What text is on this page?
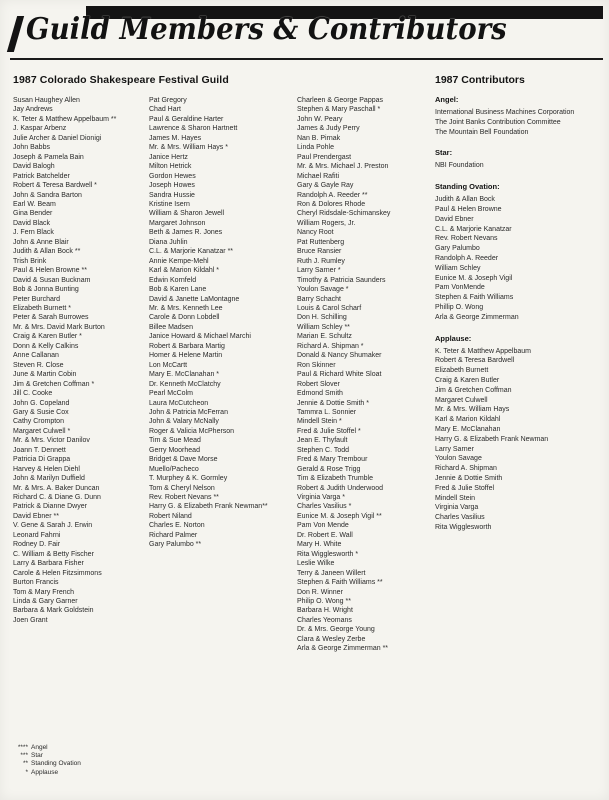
Guild Members & Contributors
1987 Colorado Shakespeare Festival Guild
Susan Haughey Allen
Jay Andrews
K. Teter & Matthew Appelbaum **
J. Kaspar Arbenz
Julie Archer & Daniel Dionigi
John Babbs
Joseph & Pamela Bain
David Balogh
Patrick Batchelder
Robert & Teresa Bardwell *
John & Sandra Barton
Earl W. Beam
Gina Bender
David Black
J. Fern Black
John & Anne Blair
Judith & Allan Bock **
Trish Brink
Paul & Helen Browne **
David & Susan Bucknam
Bob & Jonna Bunting
Peter Burchard
Elizabeth Burnett *
Peter & Sarah Burrowes
Mr. & Mrs. David Mark Burton
Craig & Karen Butler *
Donn & Kelly Calkins
Anne Callanan
Steven R. Close
June & Martin Cobin
Jim & Gretchen Coffman *
Jill C. Cooke
John G. Copeland
Gary & Susie Cox
Cathy Crompton
Margaret Culwell *
Mr. & Mrs. Victor Danilov
Joann T. Dennett
Patricia Di Grappa
Harvey & Helen Diehl
John & Marilyn Duffield
Mr. & Mrs. A. Baker Duncan
Richard C. & Diane G. Dunn
Patrick & Dianne Dwyer
David Ebner **
V. Gene & Sarah J. Erwin
Leonard Fahrni
Rodney D. Fair
C. William & Betty Fischer
Larry & Barbara Fisher
Carole & Helen Fitzsimmons
Burton Francis
Tom & Mary French
Linda & Gary Garner
Barbara & Mark Goldstein
Joen Grant
Pat Gregory
Chad Hart
Paul & Geraldine Harter
Lawrence & Sharon Hartnett
James M. Hayes
Mr. & Mrs. William Hays *
Janice Hertz
Milton Hetrick
Gordon Hewes
Joseph Howes
Sandra Hussie
Kristine Isern
William & Sharon Jewell
Margaret Johnson
Beth & James R. Jones
Diana Juhlin
C.L. & Marjorie Kanatzar **
Annie Kempe-Mehl
Karl & Marion Kildahl *
Edwin Kornfeld
Bob & Karen Lane
David & Janette LaMontagne
Mr. & Mrs. Kenneth Lee
Carole & Donn Lobdell
Billee Madsen
Janice Howard & Michael Marchi
Robert & Barbara Martig
Homer & Helene Martin
Lon McCartt
Mary E. McClanahan *
Dr. Kenneth McClatchy
Pearl McColm
Laura McCutcheon
John & Patricia McFerran
John & Valary McNally
Roger & Valicia McPherson
Tim & Sue Mead
Gerry Moorhead
Bridget & Dave Morse
Muello/Pacheco
T. Murphey & K. Gormley
Tom & Cheryl Nelson
Rev. Robert Nevans **
Harry G. & Elizabeth Frank Newman**
Robert Niland
Charles E. Norton
Richard Palmer
Gary Palumbo **
Charleen & George Pappas
Stephen & Mary Paschall *
John W. Peary
James & Judy Perry
Nan B. Pirnak
Linda Pohle
Paul Prendergast
Mr. & Mrs. Michael J. Preston
Michael Rafiti
Gary & Gayle Ray
Randolph A. Reeder **
Ron & Dolores Rhode
Cheryl Ridsdale-Schimanskey
William Rogers, Jr.
Nancy Root
Pat Ruttenberg
Bruce Ransier
Ruth J. Rumley
Larry Sarner *
Timothy & Patricia Saunders
Youlon Savage *
Barry Schacht
Louis & Carol Scharf
Don H. Schilling
William Schley **
Marian E. Schultz
Richard A. Shipman *
Donald & Nancy Shumaker
Ron Skinner
Paul & Richard White Sloat
Robert Slover
Edmond Smith
Jennie & Dottie Smith *
Tammra L. Sonnier
Mindell Stein *
Fred & Julie Stoffel *
Jean E. Thyfault
Stephen C. Todd
Fred & Mary Trembour
Gerald & Rose Trigg
Tim & Elizabeth Trumble
Robert & Judith Underwood
Virginia Varga *
Charles Vasilius *
Eunice M. & Joseph Vigil **
Pam Von Mende
Dr. Robert E. Wall
Mary H. White
Rita Wigglesworth *
Leslie Wilke
Terry & Janeen Willert
Stephen & Faith Williams **
Don R. Winner
Philip O. Wong **
Barbara H. Wright
Charles Yeomans
Dr. & Mrs. George Young
Clara & Wesley Zerbe
Arla & George Zimmerman **
1987 Contributors
Angel:
International Business Machines Corporation
The Joint Banks Contribution Committee
The Mountain Bell Foundation
Star:
NBI Foundation
Standing Ovation:
Judith & Allan Bock
Paul & Helen Browne
David Ebner
C.L. & Marjorie Kanatzar
Rev. Robert Nevans
Gary Palumbo
Randolph A. Reeder
William Schley
Eunice M. & Joseph Vigil
Pam VonMende
Stephen & Faith Williams
Phillip O. Wong
Arla & George Zimmerman
Applause:
K. Teter & Matthew Appelbaum
Robert & Teresa Bardwell
Elizabeth Burnett
Craig & Karen Butler
Jim & Gretchen Coffman
Margaret Culwell
Mr. & Mrs. William Hays
Karl & Marion Kildahl
Mary E. McClanahan
Harry G. & Elizabeth Frank Newman
Larry Sarner
Youlon Savage
Richard A. Shipman
Jennie & Dottie Smith
Fred & Julie Stoffel
Mindell Stein
Virginia Varga
Charles Vasilius
Rita Wigglesworth
**** Angel
*** Star
** Standing Ovation
* Applause
